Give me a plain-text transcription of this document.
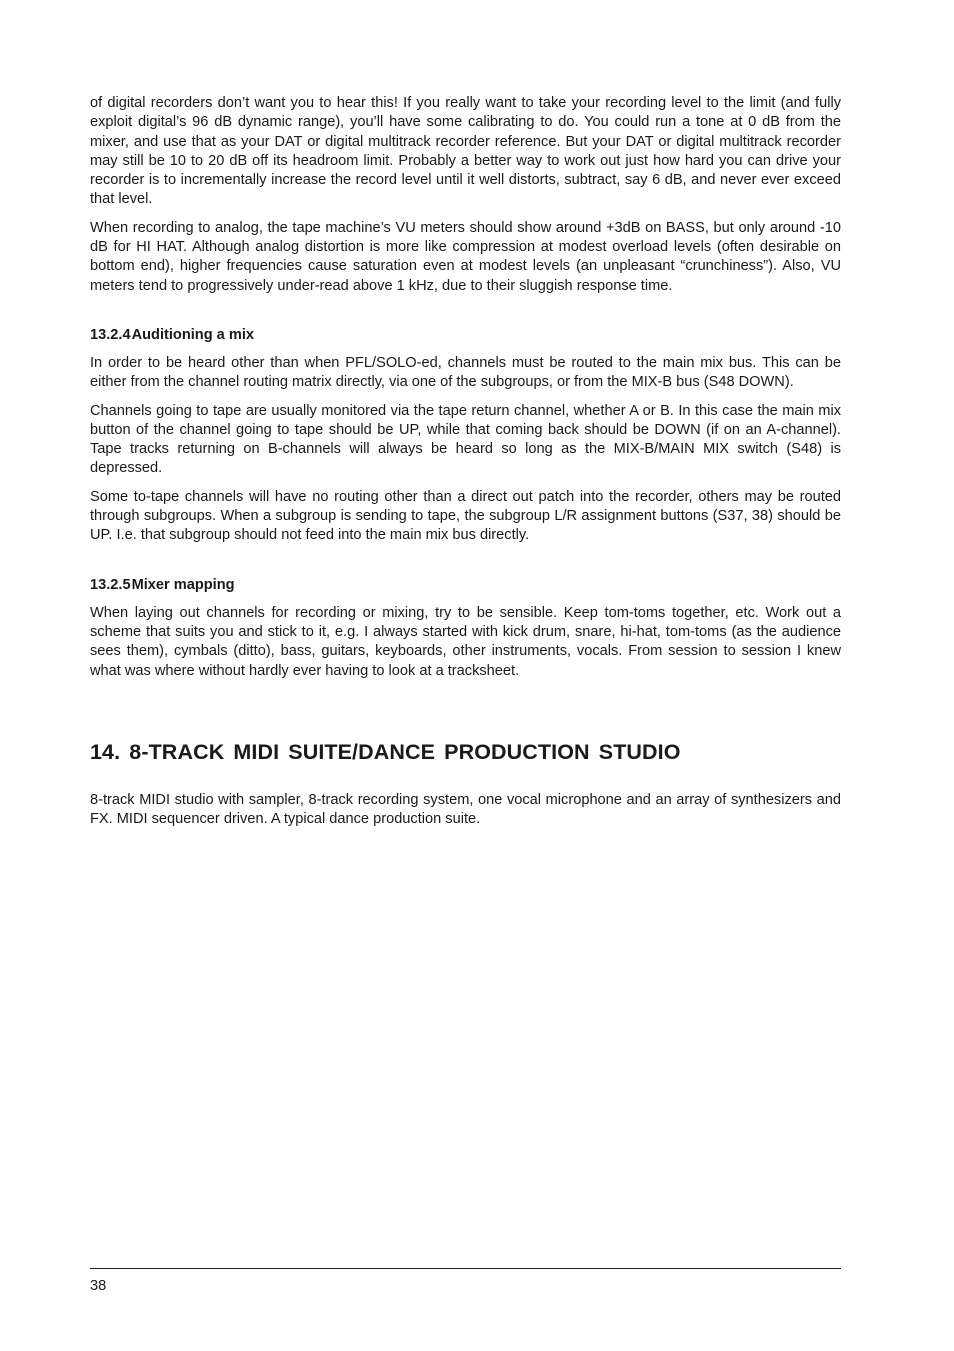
of digital recorders don’t want you to hear this! If you really want to take your recording level to the limit (and fully exploit digital’s 96 dB dynamic range), you’ll have some calibrating to do. You could run a tone at 0 dB from the mixer, and use that as your DAT or digital multitrack recorder reference. But your DAT or digital multitrack recorder may still be 10 to 20 dB off its headroom limit. Probably a better way to work out just how hard you can drive your recorder is to incrementally increase the record level until it well distorts, subtract, say 6 dB, and never ever exceed that level.

When recording to analog, the tape machine’s VU meters should show around +3dB on BASS, but only around -10 dB for HI HAT. Although analog distortion is more like compression at modest overload levels (often desirable on bottom end), higher frequencies cause saturation even at modest levels (an unpleasant “crunchiness”). Also, VU meters tend to progressively under-read above 1 kHz, due to their sluggish response time.

13.2.4Auditioning a mix

In order to be heard other than when PFL/SOLO-ed, channels must be routed to the main mix bus. This can be either from the channel routing matrix directly, via one of the subgroups, or from the MIX-B bus (S48 DOWN).

Channels going to tape are usually monitored via the tape return channel, whether A or B. In this case the main mix button of the channel going to tape should be UP, while that coming back should be DOWN (if on an A-channel). Tape tracks returning on B-channels will always be heard so long as the MIX-B/MAIN MIX switch (S48) is depressed.

Some to-tape channels will have no routing other than a direct out patch into the recorder, others may be routed through subgroups. When a subgroup is sending to tape, the subgroup L/R assignment buttons (S37, 38) should be UP. I.e. that subgroup should not feed into the main mix bus directly.

13.2.5Mixer mapping

When laying out channels for recording or mixing, try to be sensible. Keep tom-toms together, etc. Work out a scheme that suits you and stick to it, e.g. I always started with kick drum, snare, hi-hat, tom-toms (as the audience sees them), cymbals (ditto), bass, guitars, keyboards, other instruments, vocals. From session to session I knew what was where without hardly ever having to look at a tracksheet.

14. 8-TRACK MIDI SUITE/DANCE PRODUCTION STUDIO

8-track MIDI studio with sampler, 8-track recording system, one vocal microphone and an array of synthesizers and FX. MIDI sequencer driven. A typical dance production suite.

38
